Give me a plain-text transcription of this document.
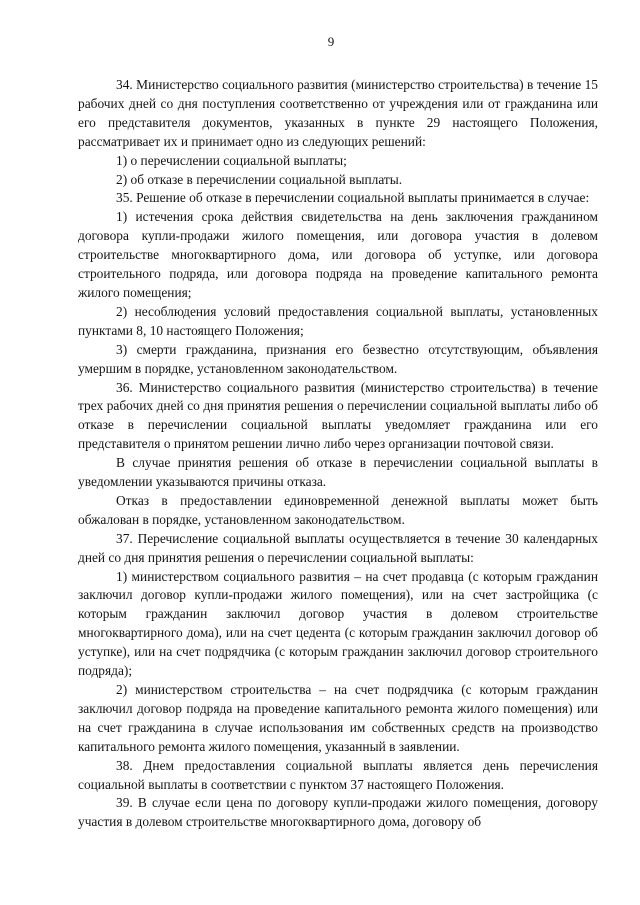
9

34. Министерство социального развития (министерство строительства) в течение 15 рабочих дней со дня поступления соответственно от учреждения или от гражданина или его представителя документов, указанных в пункте 29 настоящего Положения, рассматривает их и принимает одно из следующих решений:

1) о перечислении социальной выплаты;

2) об отказе в перечислении социальной выплаты.

35. Решение об отказе в перечислении социальной выплаты принимается в случае:

1) истечения срока действия свидетельства на день заключения гражданином договора купли-продажи жилого помещения, или договора участия в долевом строительстве многоквартирного дома, или договора об уступке, или договора строительного подряда, или договора подряда на проведение капитального ремонта жилого помещения;

2) несоблюдения условий предоставления социальной выплаты, установленных пунктами 8, 10 настоящего Положения;

3) смерти гражданина, признания его безвестно отсутствующим, объявления умершим в порядке, установленном законодательством.

36. Министерство социального развития (министерство строительства) в течение трех рабочих дней со дня принятия решения о перечислении социальной выплаты либо об отказе в перечислении социальной выплаты уведомляет гражданина или его представителя о принятом решении лично либо через организации почтовой связи.

В случае принятия решения об отказе в перечислении социальной выплаты в уведомлении указываются причины отказа.

Отказ в предоставлении единовременной денежной выплаты может быть обжалован в порядке, установленном законодательством.

37. Перечисление социальной выплаты осуществляется в течение 30 календарных дней со дня принятия решения о перечислении социальной выплаты:

1) министерством социального развития – на счет продавца (с которым гражданин заключил договор купли-продажи жилого помещения), или на счет застройщика (с которым гражданин заключил договор участия в долевом строительстве многоквартирного дома), или на счет цедента (с которым гражданин заключил договор об уступке), или на счет подрядчика (с которым гражданин заключил договор строительного подряда);

2) министерством строительства – на счет подрядчика (с которым гражданин заключил договор подряда на проведение капитального ремонта жилого помещения) или на счет гражданина в случае использования им собственных средств на производство капитального ремонта жилого помещения, указанный в заявлении.

38. Днем предоставления социальной выплаты является день перечисления социальной выплаты в соответствии с пунктом 37 настоящего Положения.

39. В случае если цена по договору купли-продажи жилого помещения, договору участия в долевом строительстве многоквартирного дома, договору об
